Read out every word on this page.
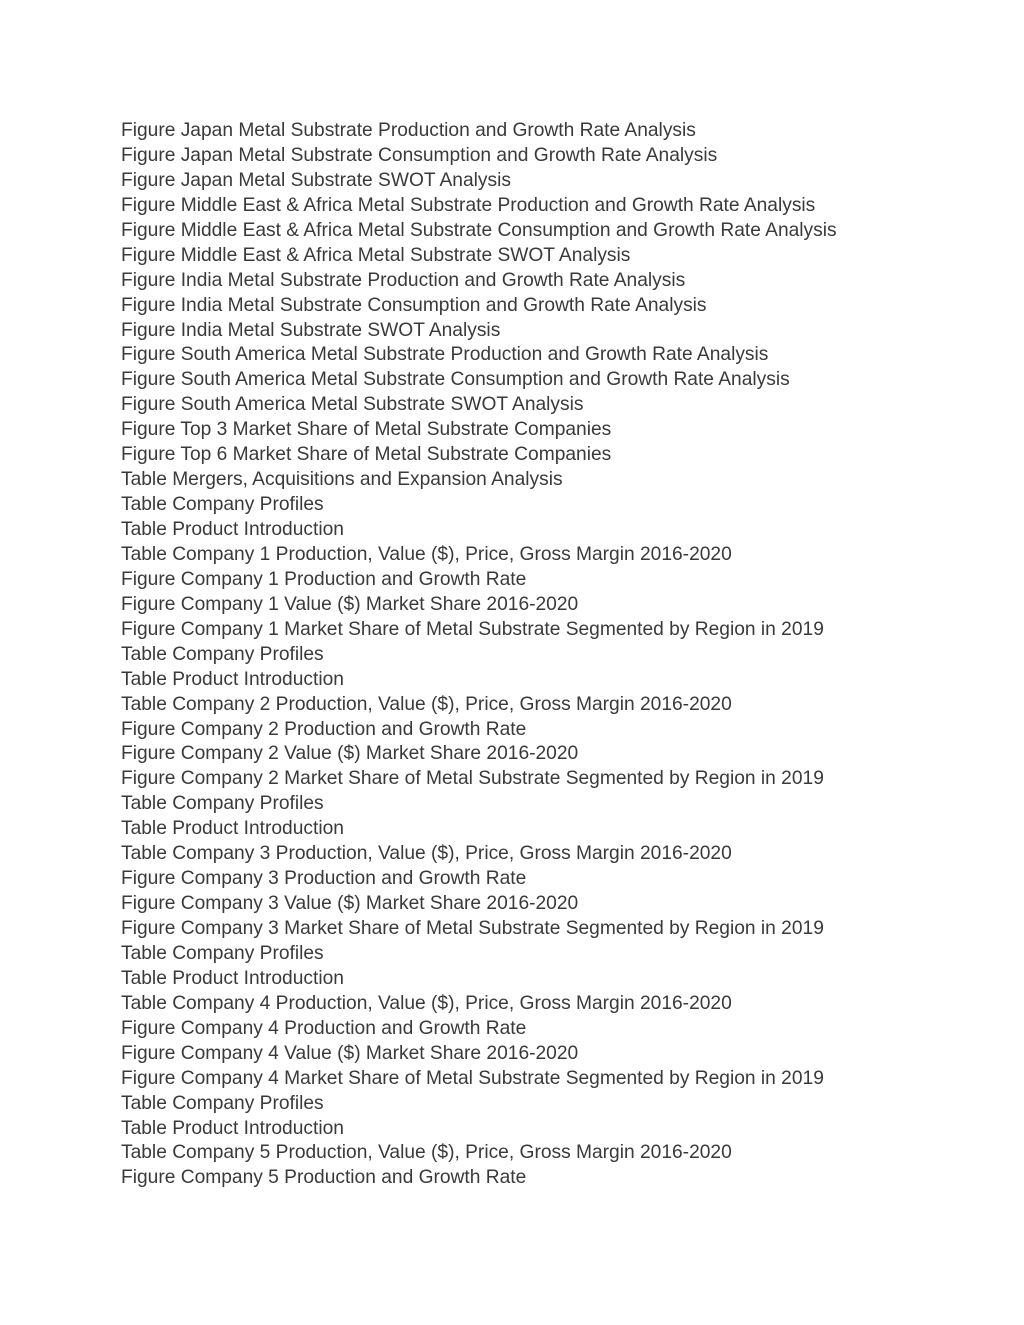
Figure Japan Metal Substrate Production and Growth Rate Analysis
Figure Japan Metal Substrate Consumption and Growth Rate Analysis
Figure Japan Metal Substrate SWOT Analysis
Figure Middle East & Africa Metal Substrate Production and Growth Rate Analysis
Figure Middle East & Africa Metal Substrate Consumption and Growth Rate Analysis
Figure Middle East & Africa Metal Substrate SWOT Analysis
Figure India Metal Substrate Production and Growth Rate Analysis
Figure India Metal Substrate Consumption and Growth Rate Analysis
Figure India Metal Substrate SWOT Analysis
Figure South America Metal Substrate Production and Growth Rate Analysis
Figure South America Metal Substrate Consumption and Growth Rate Analysis
Figure South America Metal Substrate SWOT Analysis
Figure Top 3 Market Share of Metal Substrate Companies
Figure Top 6 Market Share of Metal Substrate Companies
Table Mergers, Acquisitions and Expansion Analysis
Table Company Profiles
Table Product Introduction
Table Company 1 Production, Value ($), Price, Gross Margin 2016-2020
Figure Company 1 Production and Growth Rate
Figure Company 1 Value ($) Market Share 2016-2020
Figure Company 1 Market Share of Metal Substrate Segmented by Region in 2019
Table Company Profiles
Table Product Introduction
Table Company 2 Production, Value ($), Price, Gross Margin 2016-2020
Figure Company 2 Production and Growth Rate
Figure Company 2 Value ($) Market Share 2016-2020
Figure Company 2 Market Share of Metal Substrate Segmented by Region in 2019
Table Company Profiles
Table Product Introduction
Table Company 3 Production, Value ($), Price, Gross Margin 2016-2020
Figure Company 3 Production and Growth Rate
Figure Company 3 Value ($) Market Share 2016-2020
Figure Company 3 Market Share of Metal Substrate Segmented by Region in 2019
Table Company Profiles
Table Product Introduction
Table Company 4 Production, Value ($), Price, Gross Margin 2016-2020
Figure Company 4 Production and Growth Rate
Figure Company 4 Value ($) Market Share 2016-2020
Figure Company 4 Market Share of Metal Substrate Segmented by Region in 2019
Table Company Profiles
Table Product Introduction
Table Company 5 Production, Value ($), Price, Gross Margin 2016-2020
Figure Company 5 Production and Growth Rate
